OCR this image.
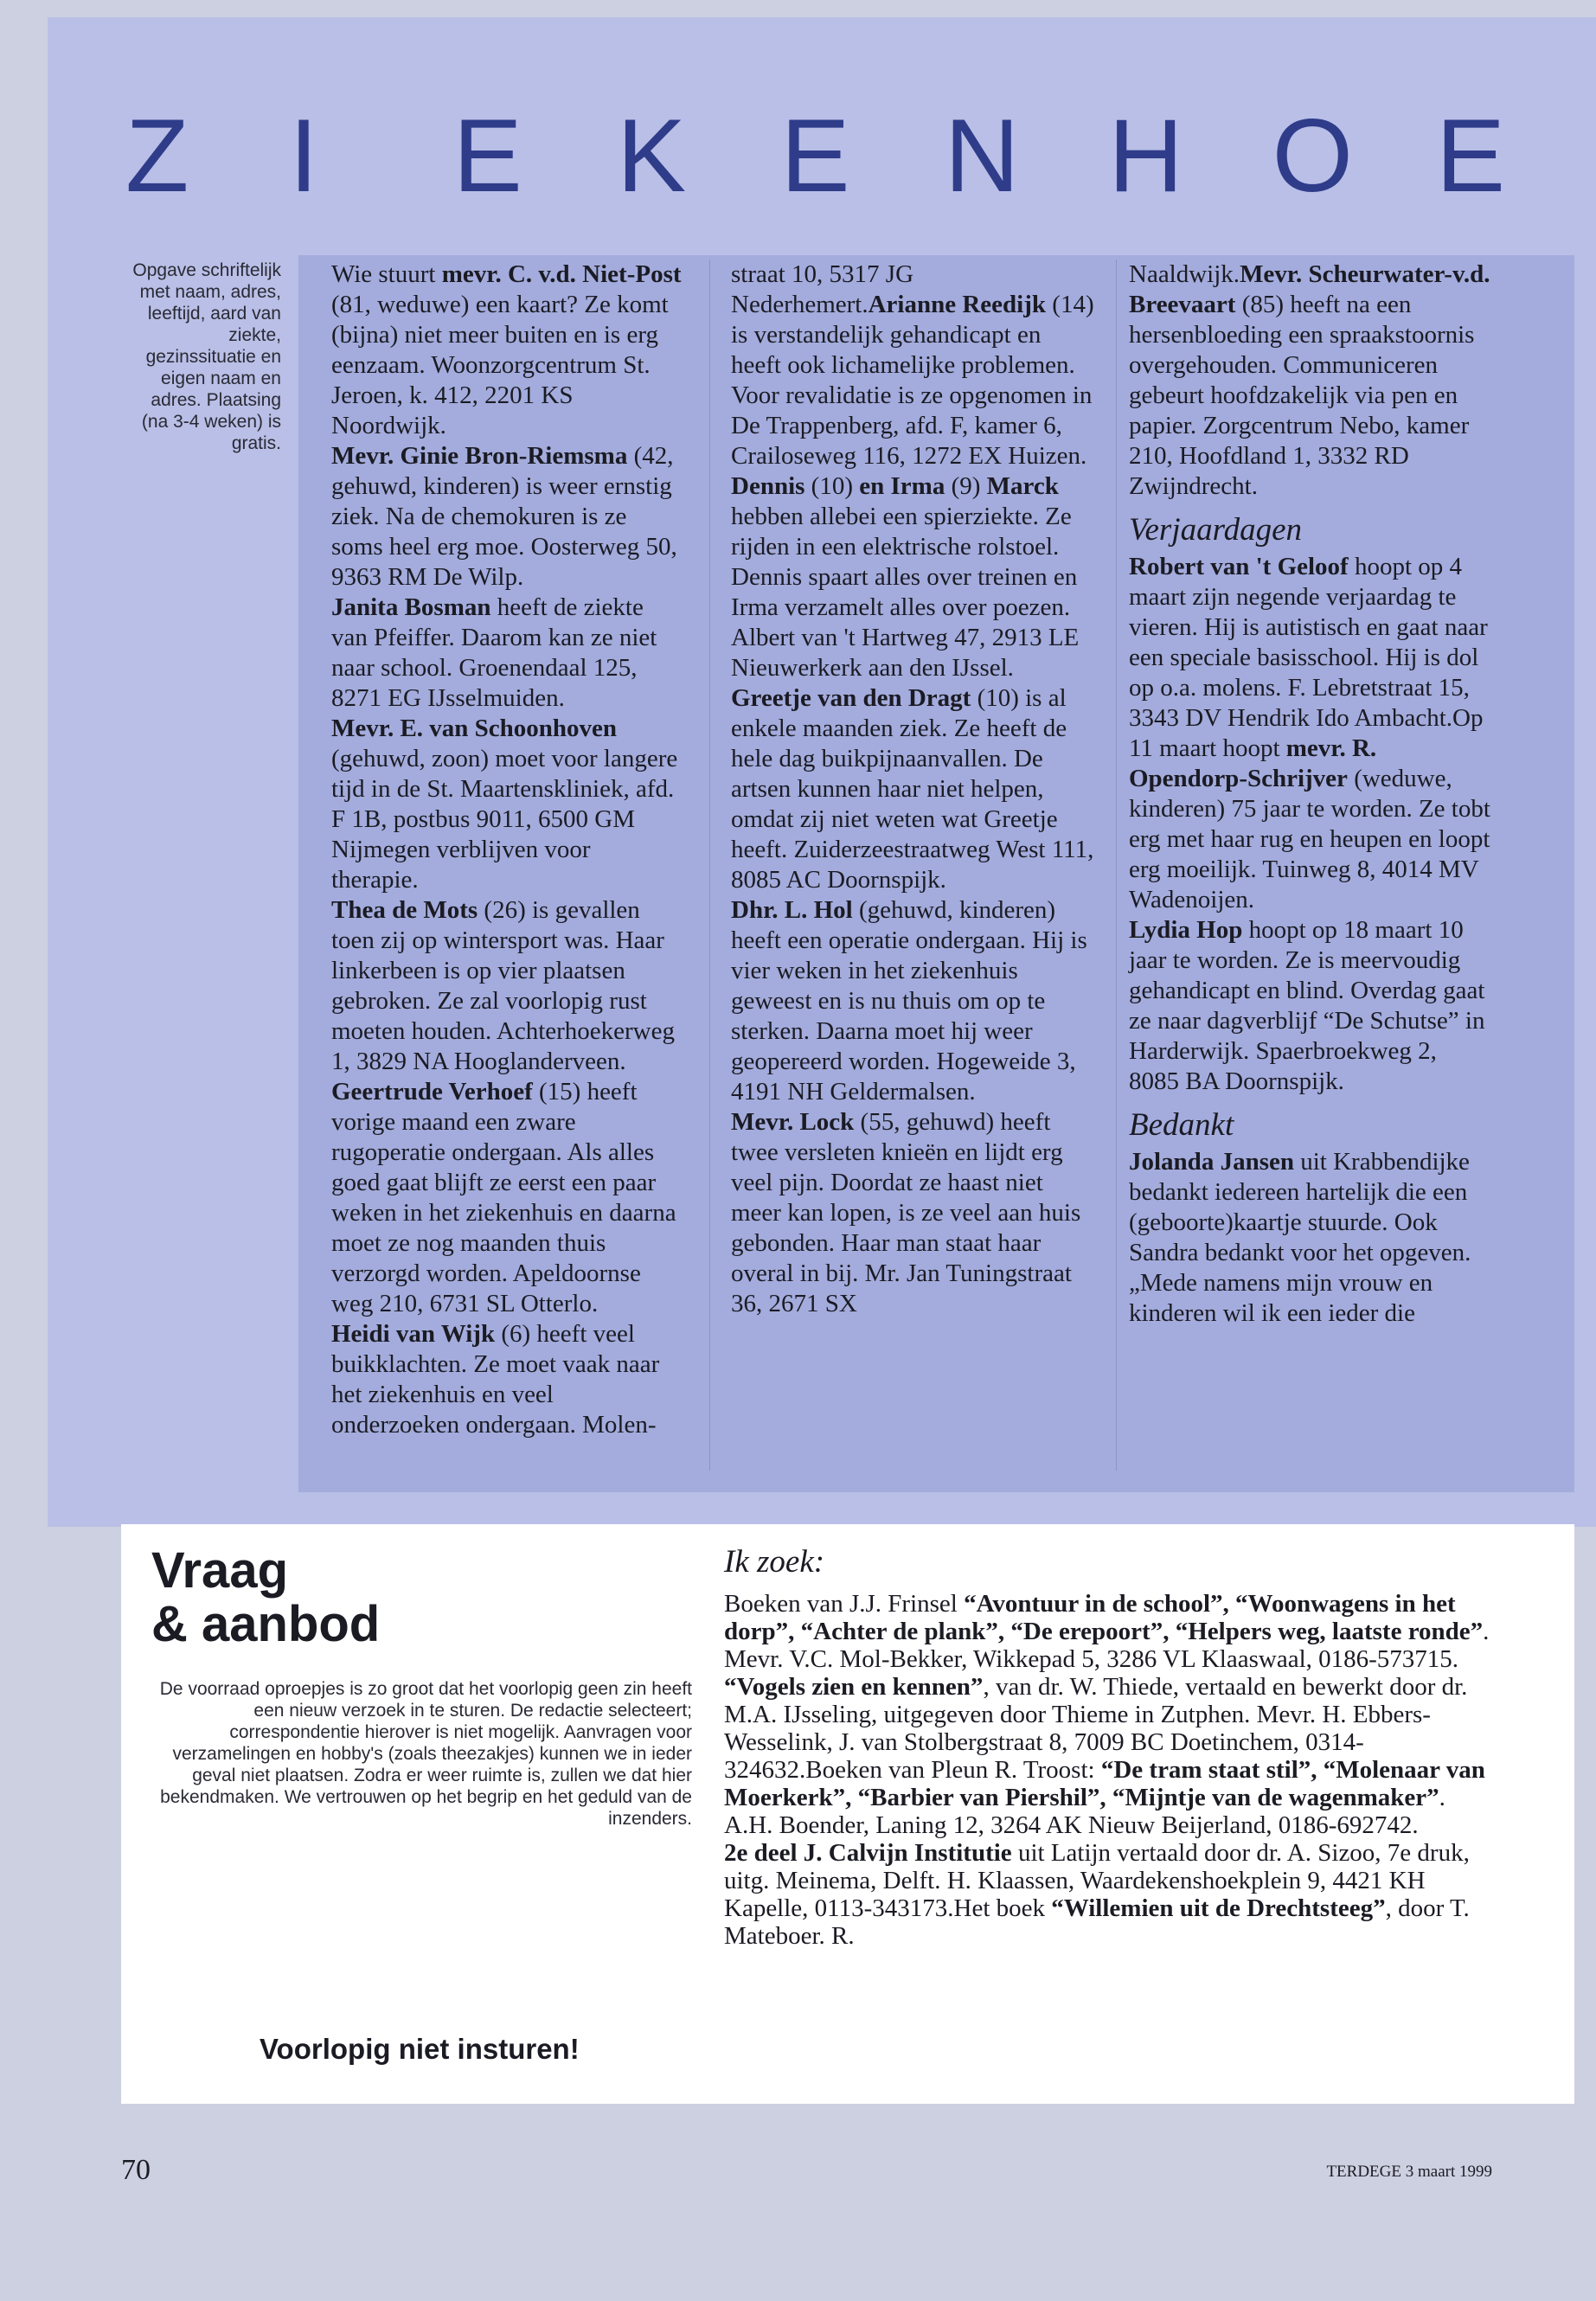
Z I	E K E N H O E
Opgave schriftelijk met naam, adres, leeftijd, aard van ziekte, gezinssituatie en eigen naam en adres. Plaatsing (na 3-4 weken) is gratis.

Wie stuurt mevr. C. v.d. Niet-Post (81, weduwe) een kaart? Ze komt (bijna) niet meer buiten en is erg eenzaam. Woonzorgcentrum St. Jeroen, k. 412, 2201 KS Noordwijk.

Mevr. Ginie Bron-Riemsma (42, gehuwd, kinderen) is weer ernstig ziek. Na de chemokuren is ze soms heel erg moe. Oosterweg 50, 9363 RM De Wilp.

Janita Bosman heeft de ziekte van Pfeiffer. Daarom kan ze niet naar school. Groenendaal 125, 8271 EG IJsselmuiden.

Mevr. E. van Schoonhoven (gehuwd, zoon) moet voor langere tijd in de St. Maartenskliniek, afd. F 1B, postbus 9011, 6500 GM Nijmegen verblijven voor therapie.

Thea de Mots (26) is gevallen toen zij op wintersport was. Haar linkerbeen is op vier plaatsen gebroken. Ze zal voorlopig rust moeten houden. Achterhoekerweg 1, 3829 NA Hooglanderveen.

Geertrude Verhoef (15) heeft vorige maand een zware rugoperatie ondergaan. Als alles goed gaat blijft ze eerst een paar weken in het ziekenhuis en daarna moet ze nog maanden thuis verzorgd worden. Apeldoornse weg 210, 6731 SL Otterlo.

Heidi van Wijk (6) heeft veel buikklachten. Ze moet vaak naar het ziekenhuis en veel onderzoeken ondergaan. Molen-

straat 10, 5317 JG Nederhemert.Arianne Reedijk (14) is verstandelijk gehandicapt en heeft ook lichamelijke problemen. Voor revalidatie is ze opgenomen in De Trappenberg, afd. F, kamer 6, Crailoseweg 116, 1272 EX Huizen.

Dennis (10) en Irma (9) Marck hebben allebei een spierziekte. Ze rijden in een elektrische rolstoel. Dennis spaart alles over treinen en Irma verzamelt alles over poezen. Albert van 't Hartweg 47, 2913 LE Nieuwerkerk aan den IJssel.

Greetje van den Dragt (10) is al enkele maanden ziek. Ze heeft de hele dag buikpijnaanvallen. De artsen kunnen haar niet helpen, omdat zij niet weten wat Greetje heeft. Zuiderzeestraatweg West 111, 8085 AC Doornspijk.

Dhr. L. Hol (gehuwd, kinderen) heeft een operatie ondergaan. Hij is vier weken in het ziekenhuis geweest en is nu thuis om op te sterken. Daarna moet hij weer geopereerd worden. Hogeweide 3, 4191 NH Geldermalsen.

Mevr. Lock (55, gehuwd) heeft twee versleten knieën en lijdt erg veel pijn. Doordat ze haast niet meer kan lopen, is ze veel aan huis gebonden. Haar man staat haar overal in bij. Mr. Jan Tuningstraat 36, 2671 SX

Naaldwijk.Mevr. Scheurwater-v.d. Breevaart (85) heeft na een hersenbloeding een spraakstoornis overgehouden. Communiceren gebeurt hoofdzakelijk via pen en papier. Zorgcentrum Nebo, kamer 210, Hoofdland 1, 3332 RD Zwijndrecht.

Verjaardagen

Robert van 't Geloof hoopt op 4 maart zijn negende verjaardag te vieren. Hij is autistisch en gaat naar een speciale basisschool. Hij is dol op o.a. molens. F. Lebretstraat 15, 3343 DV Hendrik Ido Ambacht.Op 11 maart hoopt mevr. R. Opendorp-Schrijver (weduwe, kinderen) 75 jaar te worden. Ze tobt erg met haar rug en heupen en loopt erg moeilijk. Tuinweg 8, 4014 MV Wadenoijen.

Lydia Hop hoopt op 18 maart 10 jaar te worden. Ze is meervoudig gehandicapt en blind. Overdag gaat ze naar dagverblijf “De Schutse” in Harderwijk. Spaerbroekweg 2, 8085 BA Doornspijk.

Bedankt

Jolanda Jansen uit Krabbendijke bedankt iedereen hartelijk die een (geboorte)kaartje stuurde. Ook Sandra bedankt voor het opgeven.„Mede namens mijn vrouw en kinderen wil ik een ieder die

Vraag
& aanbod
De voorraad oproepjes is zo groot dat het voorlopig geen zin heeft een nieuw verzoek in te sturen. De redactie selecteert; correspondentie hierover is niet mogelijk. Aanvragen voor verzamelingen en hobby's (zoals theezakjes) kunnen we in ieder geval niet plaatsen. Zodra er weer ruimte is, zullen we dat hier bekendmaken. We vertrouwen op het begrip en het geduld van de inzenders.
Voorlopig niet insturen!
Ik zoek:

Boeken van J.J. Frinsel “Avontuur in de school”, “Woonwagens in het dorp”, “Achter de plank”, “De erepoort”, “Helpers weg, laatste ronde”. Mevr. V.C. Mol-Bekker, Wikkepad 5, 3286 VL Klaaswaal, 0186-573715.

“Vogels zien en kennen”, van dr. W. Thiede, vertaald en bewerkt door dr. M.A. IJsseling, uitgegeven door Thieme in Zutphen. Mevr. H. Ebbers-Wesselink, J. van Stolbergstraat 8, 7009 BC Doetinchem, 0314-324632.Boeken van Pleun R. Troost: “De tram staat stil”, “Molenaar van Moerkerk”, “Barbier van Piershil”, “Mijntje van de wagenmaker”. A.H. Boender, Laning 12, 3264 AK Nieuw Beijerland, 0186-692742.

2e deel J. Calvijn Institutie uit Latijn vertaald door dr. A. Sizoo, 7e druk, uitg. Meinema, Delft. H. Klaassen, Waardekenshoekplein 9, 4421 KH Kapelle, 0113-343173.Het boek “Willemien uit de Drechtsteeg”, door T. Mateboer. R.

70	TERDEGE 3 maart 1999
